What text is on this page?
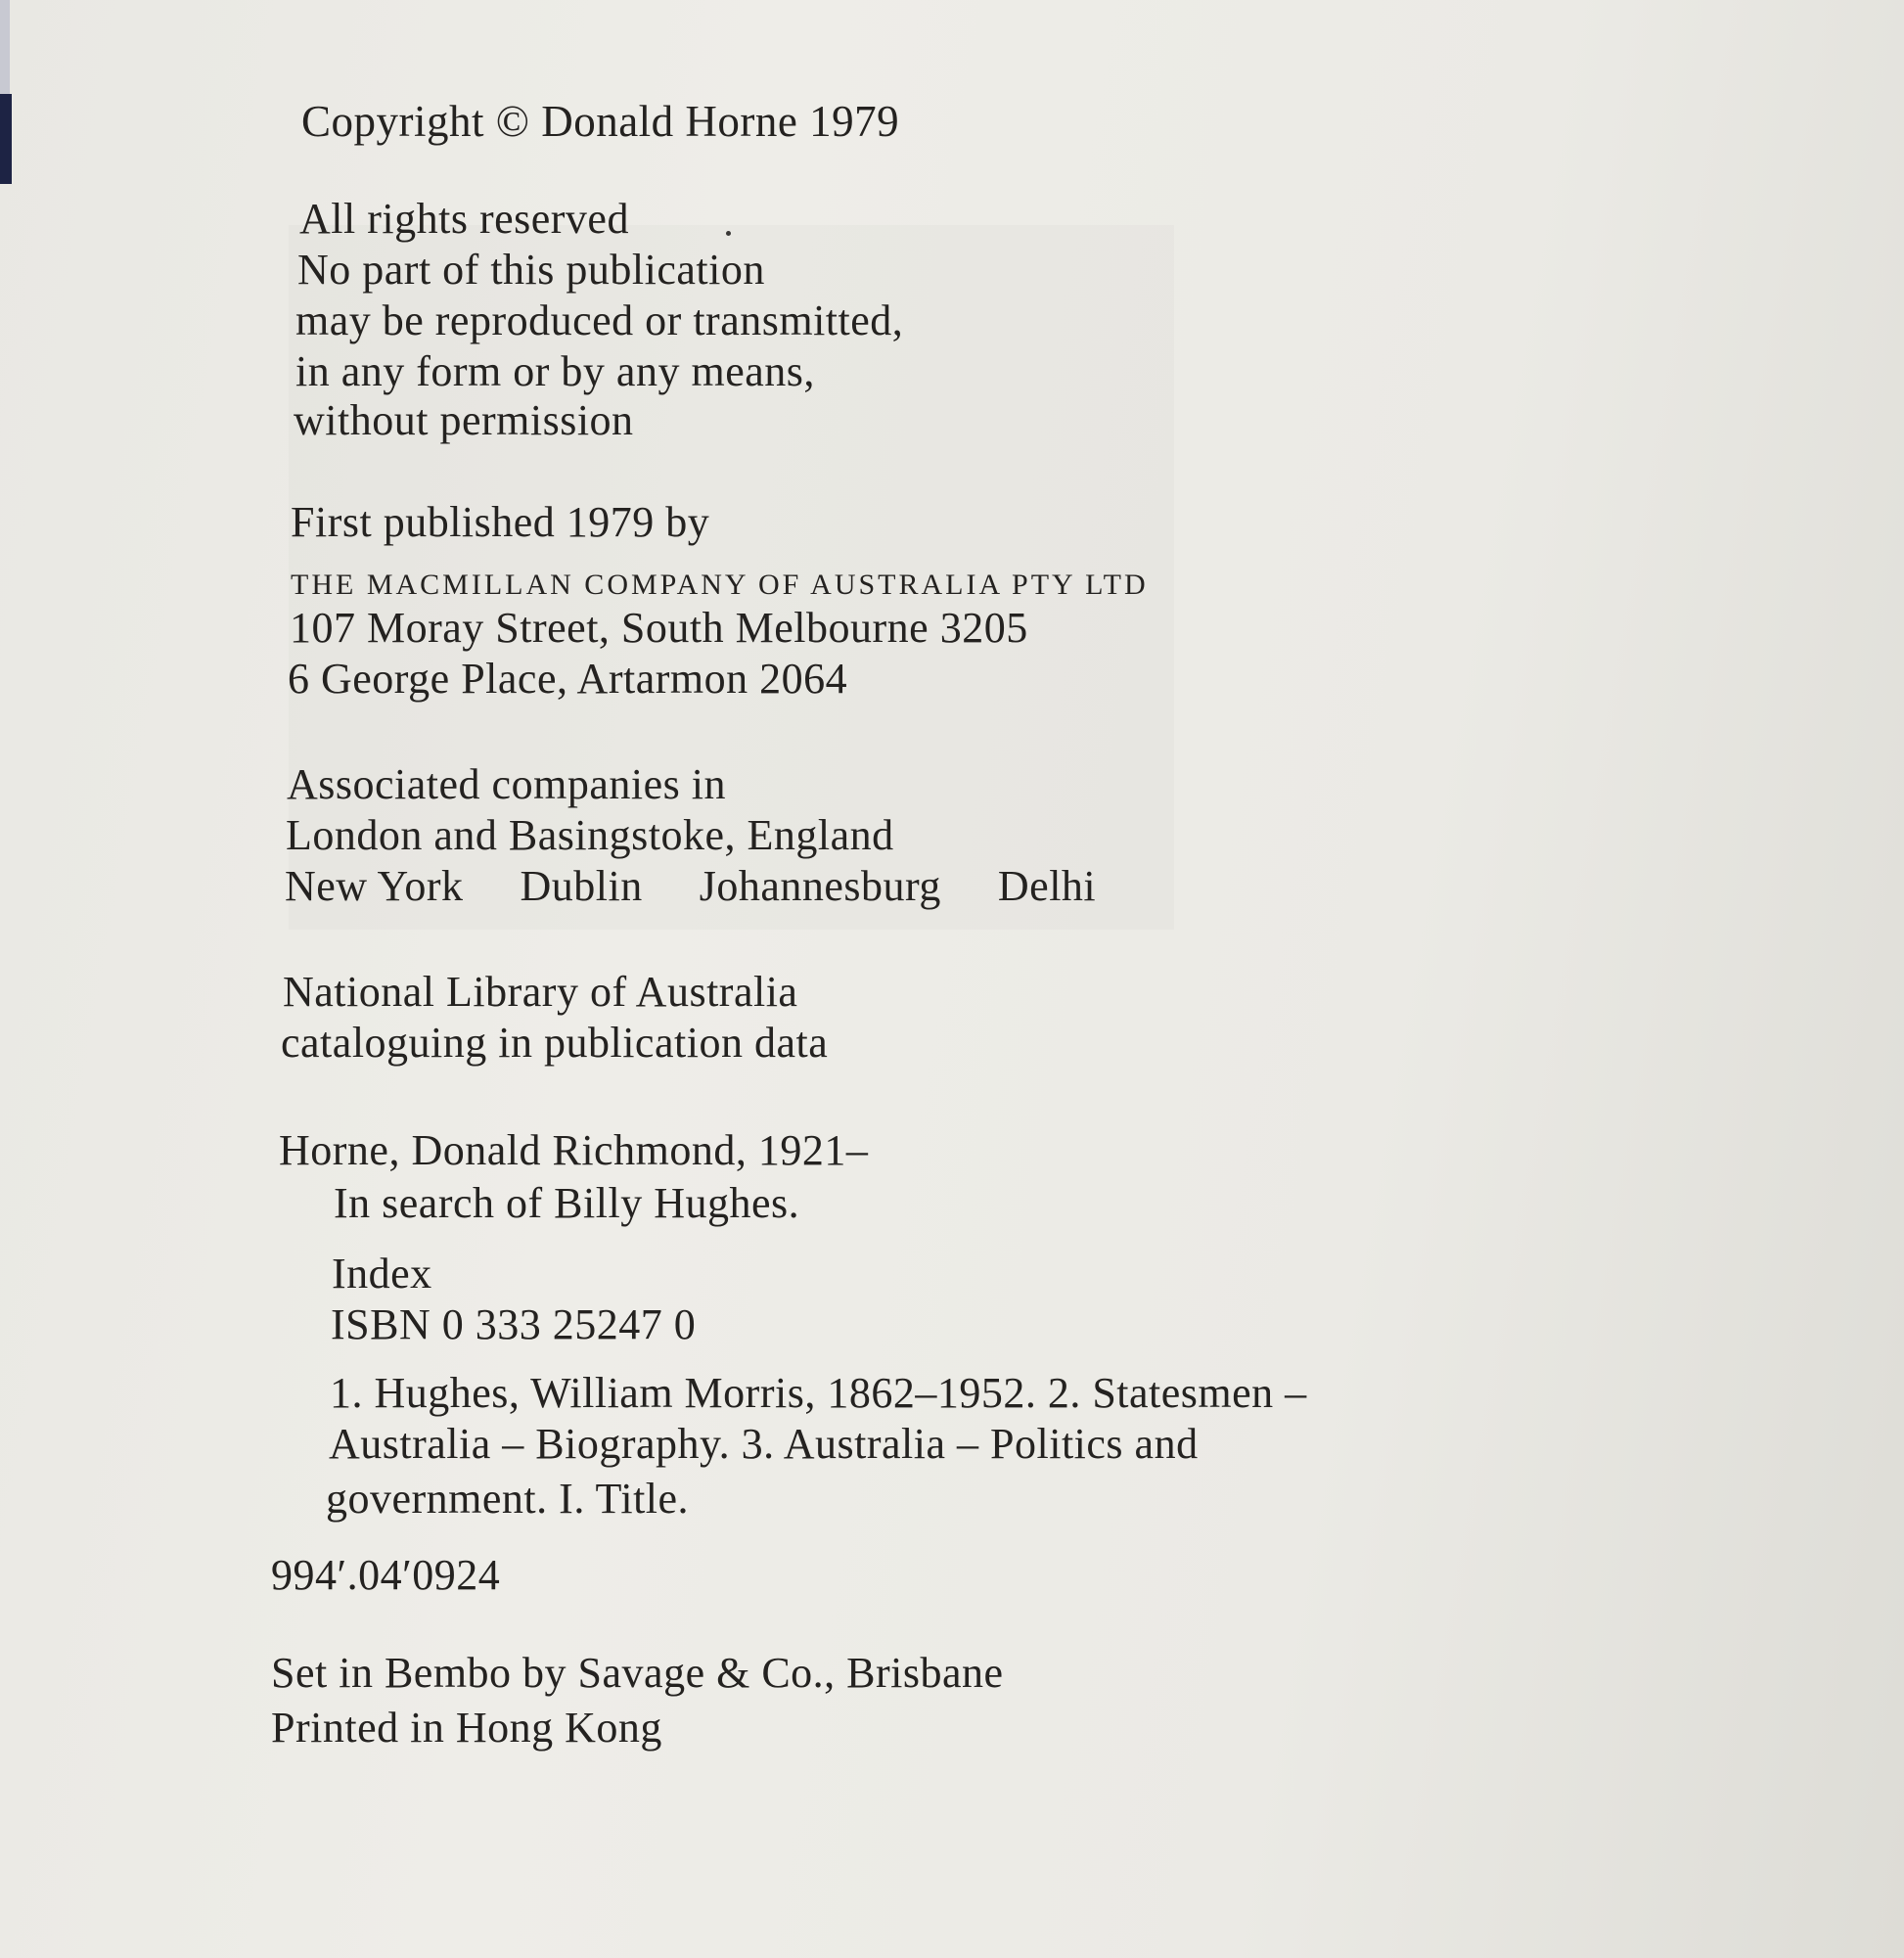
Copyright © Donald Horne 1979
All rights reserved
No part of this publication
may be reproduced or transmitted,
in any form or by any means,
without permission
First published 1979 by
THE MACMILLAN COMPANY OF AUSTRALIA PTY LTD
107 Moray Street, South Melbourne 3205
6 George Place, Artarmon 2064
Associated companies in
London and Basingstoke, England
New York Dublin Johannesburg Delhi
National Library of Australia
cataloguing in publication data
Horne, Donald Richmond, 1921–
In search of Billy Hughes.
Index
ISBN 0 333 25247 0
1. Hughes, William Morris, 1862–1952. 2. Statesmen –
Australia – Biography. 3. Australia – Politics and
government. I. Title.
994′.04′0924
Set in Bembo by Savage & Co., Brisbane
Printed in Hong Kong
